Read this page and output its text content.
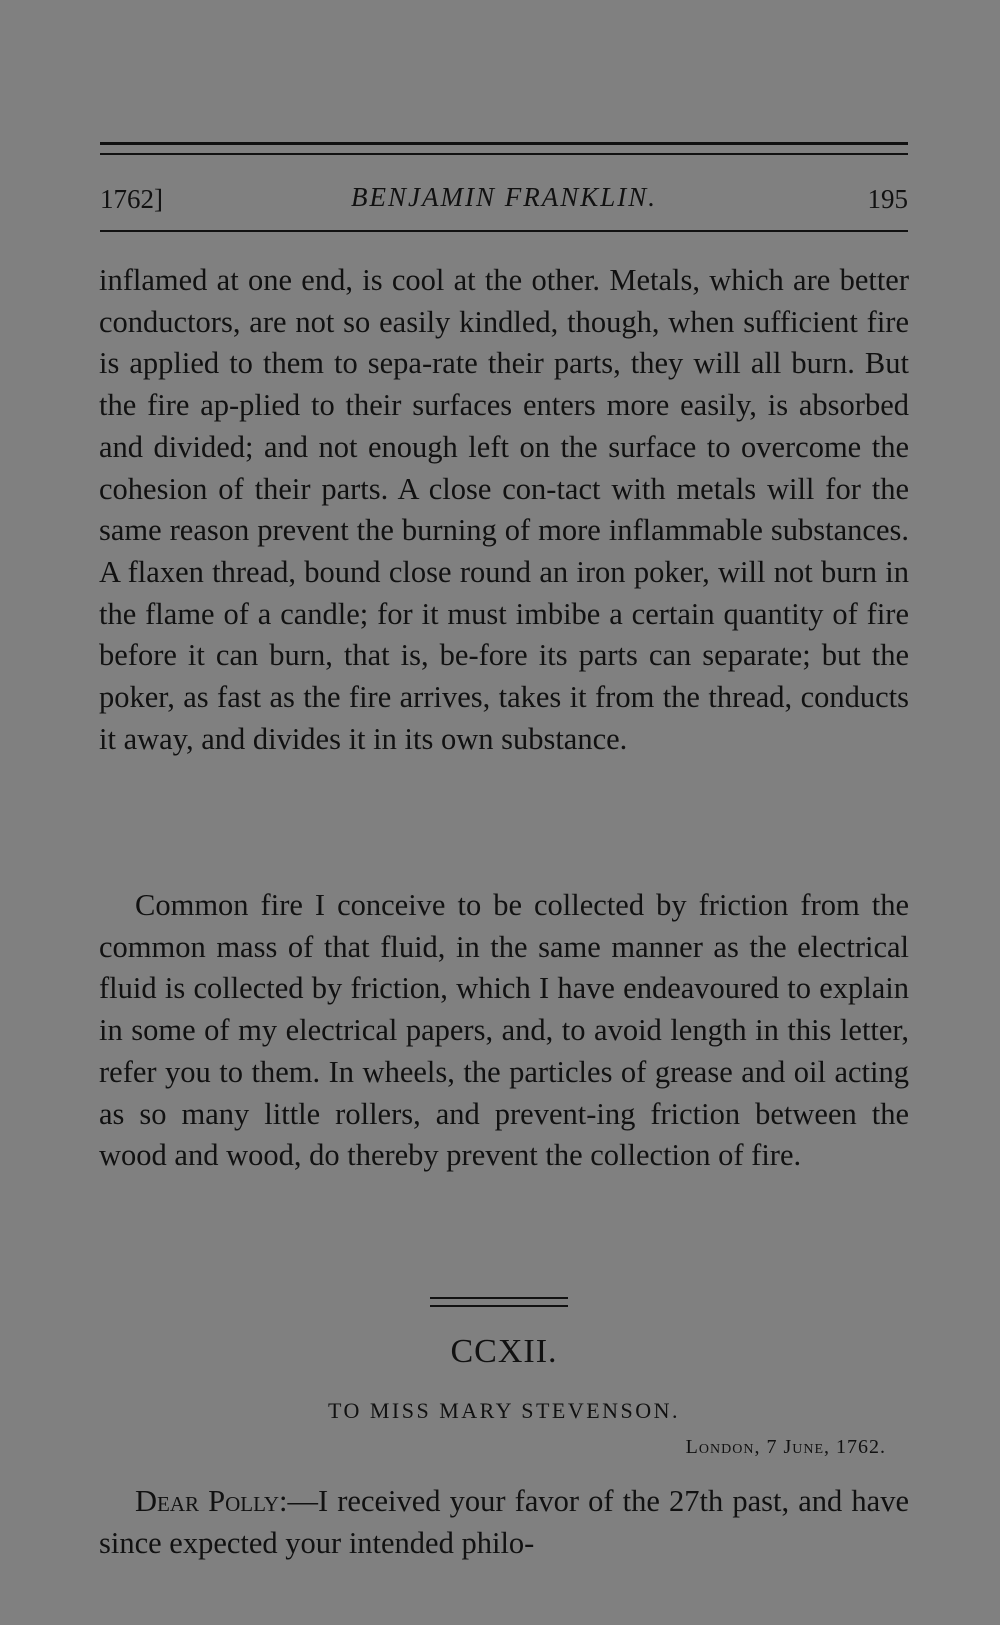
1762]	BENJAMIN FRANKLIN.	195
inflamed at one end, is cool at the other. Metals, which are better conductors, are not so easily kindled, though, when sufficient fire is applied to them to sepa-rate their parts, they will all burn. But the fire ap-plied to their surfaces enters more easily, is absorbed and divided; and not enough left on the surface to overcome the cohesion of their parts. A close con-tact with metals will for the same reason prevent the burning of more inflammable substances. A flaxen thread, bound close round an iron poker, will not burn in the flame of a candle; for it must imbibe a certain quantity of fire before it can burn, that is, be-fore its parts can separate; but the poker, as fast as the fire arrives, takes it from the thread, conducts it away, and divides it in its own substance.
Common fire I conceive to be collected by friction from the common mass of that fluid, in the same manner as the electrical fluid is collected by friction, which I have endeavoured to explain in some of my electrical papers, and, to avoid length in this letter, refer you to them. In wheels, the particles of grease and oil acting as so many little rollers, and prevent-ing friction between the wood and wood, do thereby prevent the collection of fire.
CCXII.
TO MISS MARY STEVENSON.
London, 7 June, 1762.
Dear Polly:—I received your favor of the 27th past, and have since expected your intended philo-
